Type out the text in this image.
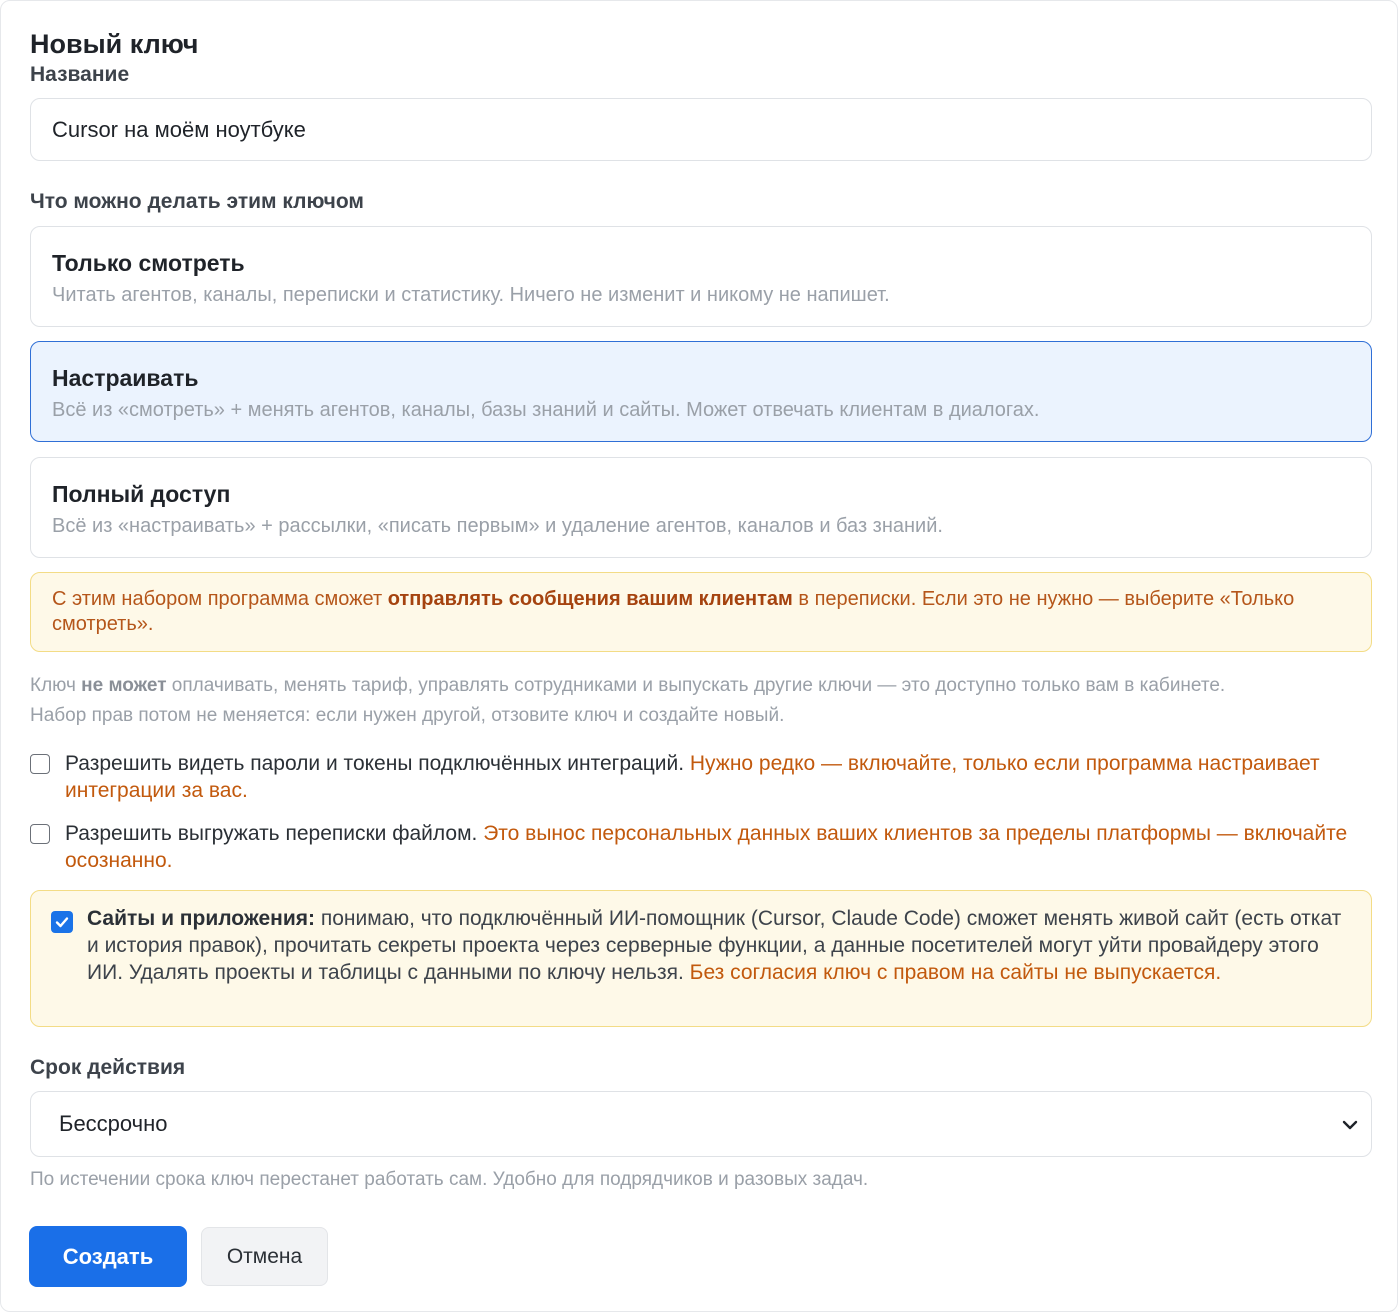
Новый ключ
Название
Cursor на моём ноутбуке
Что можно делать этим ключом
Только смотреть
Читать агентов, каналы, переписки и статистику. Ничего не изменит и никому не напишет.
Настраивать
Всё из «смотреть» + менять агентов, каналы, базы знаний и сайты. Может отвечать клиентам в диалогах.
Полный доступ
Всё из «настраивать» + рассылки, «писать первым» и удаление агентов, каналов и баз знаний.
С этим набором программа сможет отправлять сообщения вашим клиентам в переписки. Если это не нужно — выберите «Только смотреть».
Ключ не может оплачивать, менять тариф, управлять сотрудниками и выпускать другие ключи — это доступно только вам в кабинете.
Набор прав потом не меняется: если нужен другой, отзовите ключ и создайте новый.
Разрешить видеть пароли и токены подключённых интеграций. Нужно редко — включайте, только если программа настраивает интеграции за вас.
Разрешить выгружать переписки файлом. Это вынос персональных данных ваших клиентов за пределы платформы — включайте осознанно.
Сайты и приложения: понимаю, что подключённый ИИ-помощник (Cursor, Claude Code) сможет менять живой сайт (есть откат и история правок), прочитать секреты проекта через серверные функции, а данные посетителей могут уйти провайдеру этого ИИ. Удалять проекты и таблицы с данными по ключу нельзя. Без согласия ключ с правом на сайты не выпускается.
Срок действия
Бессрочно
По истечении срока ключ перестанет работать сам. Удобно для подрядчиков и разовых задач.
Создать	Отмена
